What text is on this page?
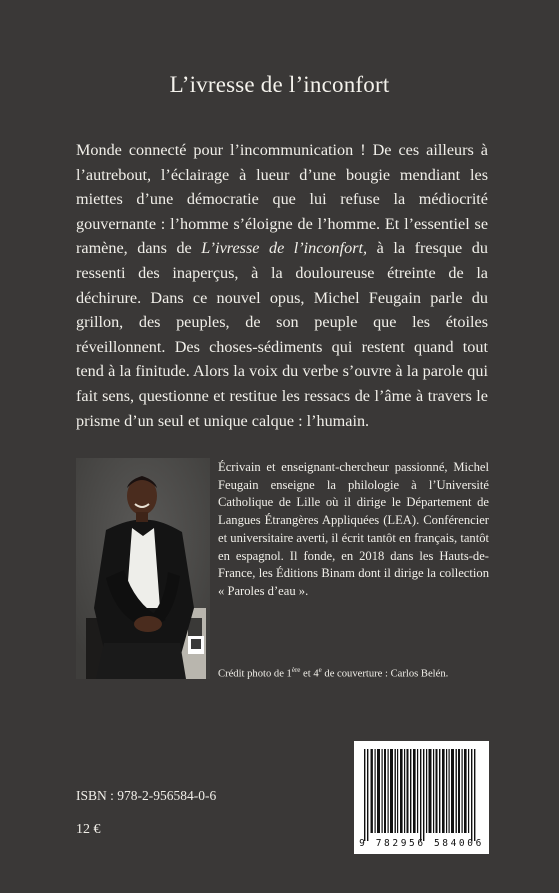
L’ivresse de l’inconfort
Monde connecté pour l’incommunication ! De ces ailleurs à l’autrebout, l’éclairage à lueur d’une bougie mendiant les miettes d’une démocratie que lui refuse la médiocrité gouvernante : l’homme s’éloigne de l’homme. Et l’essentiel se ramène, dans de L’ivresse de l’inconfort, à la fresque du ressenti des inaperçus, à la douloureuse étreinte de la déchirure. Dans ce nouvel opus, Michel Feugain parle du grillon, des peuples, de son peuple que les étoiles réveillonnent. Des choses-sédiments qui restent quand tout tend à la finitude. Alors la voix du verbe s’ouvre à la parole qui fait sens, questionne et restitue les ressacs de l’âme à travers le prisme d’un seul et unique calque : l’humain.
Écrivain et enseignant-chercheur passionné, Michel Feugain enseigne la philologie à l’Université Catholique de Lille où il dirige le Département de Langues Étrangères Appliquées (LEA). Conférencier et universitaire averti, il écrit tantôt en français, tantôt en espagnol. Il fonde, en 2018 dans les Hauts-de-France, les Éditions Binam dont il dirige la collection « Paroles d’eau ».
Crédit photo de 1ère et 4e de couverture : Carlos Belén.
9 782956 584006
ISBN : 978-2-956584-0-6
12 €
